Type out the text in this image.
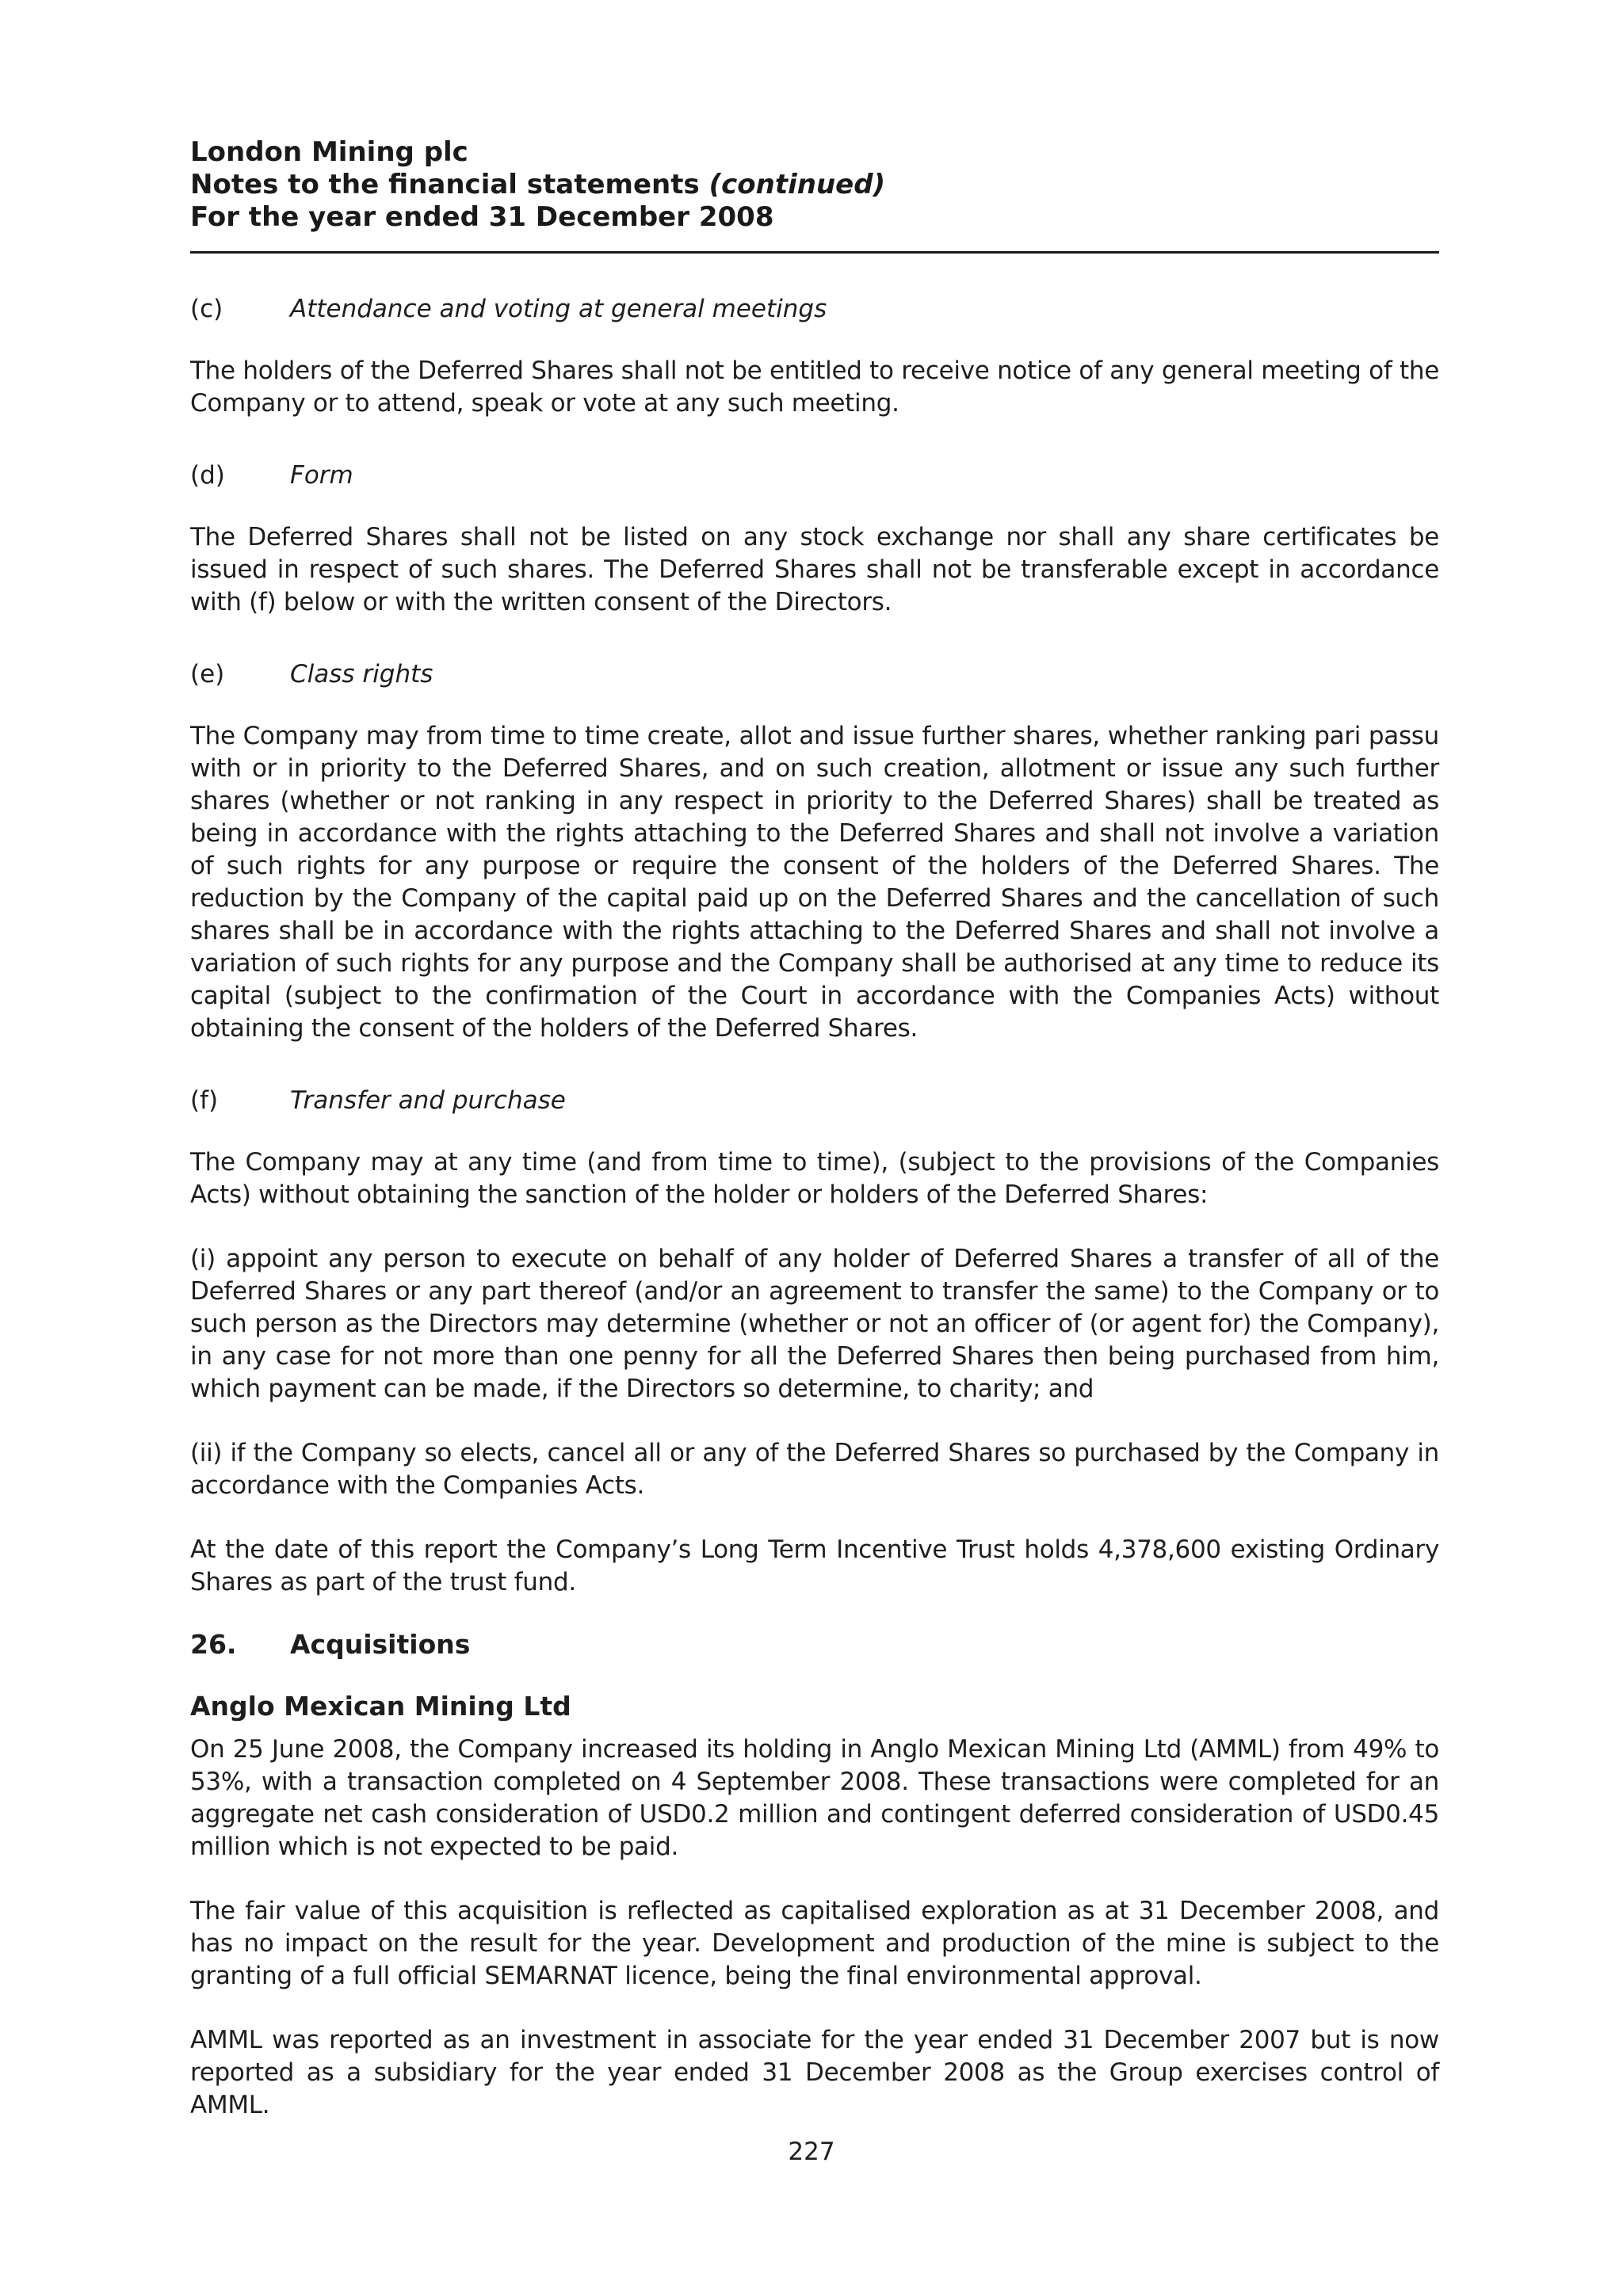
London Mining plc
Notes to the financial statements (continued)
For the year ended 31 December 2008
(c)	Attendance and voting at general meetings
The holders of the Deferred Shares shall not be entitled to receive notice of any general meeting of the Company or to attend, speak or vote at any such meeting.
(d)	Form
The Deferred Shares shall not be listed on any stock exchange nor shall any share certificates be issued in respect of such shares. The Deferred Shares shall not be transferable except in accordance with (f) below or with the written consent of the Directors.
(e)	Class rights
The Company may from time to time create, allot and issue further shares, whether ranking pari passu with or in priority to the Deferred Shares, and on such creation, allotment or issue any such further shares (whether or not ranking in any respect in priority to the Deferred Shares) shall be treated as being in accordance with the rights attaching to the Deferred Shares and shall not involve a variation of such rights for any purpose or require the consent of the holders of the Deferred Shares. The reduction by the Company of the capital paid up on the Deferred Shares and the cancellation of such shares shall be in accordance with the rights attaching to the Deferred Shares and shall not involve a variation of such rights for any purpose and the Company shall be authorised at any time to reduce its capital (subject to the confirmation of the Court in accordance with the Companies Acts) without obtaining the consent of the holders of the Deferred Shares.
(f)	Transfer and purchase
The Company may at any time (and from time to time), (subject to the provisions of the Companies Acts) without obtaining the sanction of the holder or holders of the Deferred Shares:
(i) appoint any person to execute on behalf of any holder of Deferred Shares a transfer of all of the Deferred Shares or any part thereof (and/or an agreement to transfer the same) to the Company or to such person as the Directors may determine (whether or not an officer of (or agent for) the Company), in any case for not more than one penny for all the Deferred Shares then being purchased from him, which payment can be made, if the Directors so determine, to charity; and
(ii) if the Company so elects, cancel all or any of the Deferred Shares so purchased by the Company in accordance with the Companies Acts.
At the date of this report the Company’s Long Term Incentive Trust holds 4,378,600 existing Ordinary Shares as part of the trust fund.
26.	Acquisitions
Anglo Mexican Mining Ltd
On 25 June 2008, the Company increased its holding in Anglo Mexican Mining Ltd (AMML) from 49% to 53%, with a transaction completed on 4 September 2008. These transactions were completed for an aggregate net cash consideration of USD0.2 million and contingent deferred consideration of USD0.45 million which is not expected to be paid.
The fair value of this acquisition is reflected as capitalised exploration as at 31 December 2008, and has no impact on the result for the year. Development and production of the mine is subject to the granting of a full official SEMARNAT licence, being the final environmental approval.
AMML was reported as an investment in associate for the year ended 31 December 2007 but is now reported as a subsidiary for the year ended 31 December 2008 as the Group exercises control of AMML.
227
